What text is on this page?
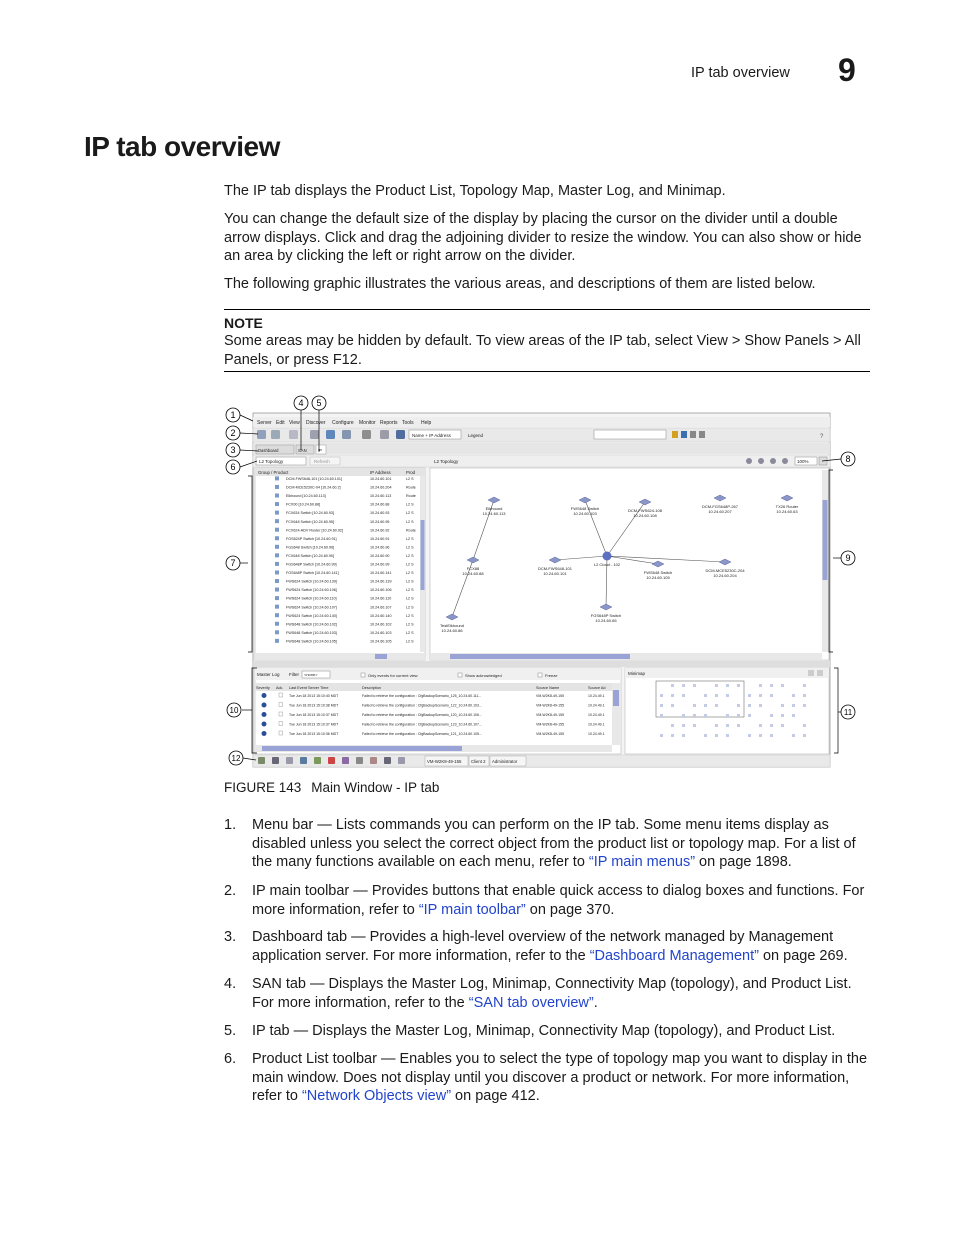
IP tab overview 9
IP tab overview

The IP tab displays the Product List, Topology Map, Master Log, and Minimap.

You can change the default size of the display by placing the cursor on the divider until a double arrow displays. Click and drag the adjoining divider to resize the window. You can also show or hide an area by clicking the left or right arrow on the divider.

The following graphic illustrates the various areas, and descriptions of them are listed below.

NOTE
Some areas may be hidden by default. To view areas of the IP tab, select View > Show Panels > All Panels, or press F12.
Server Edit View Discover Configure Monitor Reports Tools Help
?
Name + IP Address	Legend
Dashboard	SAN	IP
L2 Topology	Refresh	L2 Topology	100%
Group / Product	IP Address	Prod
DCM-FWS648-101 [10.24.60.101]	10.24.60.101	L2 S
DCM-MCE5230C-04 [10.24.60.2]	10.24.60.204	Route
Elkhound [10.24.60.113]	10.24.60.113	Route
FCX00 [10.24.60.88]	10.24.60.88	L2 S
FCX634 Switch [10.24.60.93]	10.24.60.93	L2 S
FCX648 Switch [10.24.60.95]	10.24.60.95	L2 S
FCX624-ADV Router [10.24.60.92]	10.24.60.92	Route
FGS624P Switch [10.24.60.91]	10.24.60.91	L2 S
FGS648 Switch [10.24.60.96]	10.24.60.96	L2 S
FCX648 Switch [10.24.60.90]	10.24.60.90	L2 S
FGS648P Switch [10.24.60.99]	10.24.60.99	L2 S
FGS648P Switch [10.24.60.141]	10.24.60.141	L2 S
FWS624 Switch [10.24.60.139]	10.24.60.139	L2 S
FWS624 Switch [10.24.60.106]	10.24.60.106	L2 S
FWS624 Switch [10.24.60.110]	10.24.60.110	L2 S
FWS624 Switch [10.24.60.107]	10.24.60.107	L2 S
FWS624 Switch [10.24.60.140]	10.24.60.140	L2 S
FWS648 Switch [10.24.60.102]	10.24.60.102	L2 S
FWS648 Switch [10.24.60.103]	10.24.60.103	L2 S
FWS648 Switch [10.24.60.105]	10.24.60.105	L2 S
Elkhound
10.24.60.113
FWS648 Switch
10.24.60.103
DCM-FWS624-108
10.24.60.108
DCM-FGS648P-267
10.24.60.207
TX26 Router
10.24.60.63
FCX88
10.24.60.88
DCM-FWS648-101
10.24.60.101
L2 Cloud - 102
FWS648 Switch
10.24.60.105
DCM-MCE5230C-204
10.24.60.204
FGS648P Switch
10.24.60.65
TestElkhound
10.24.60.86
Master Log Filter <none>	Only events for current view	Show acknowledged	Freeze
Severity Ack. Last Event Server Time	Description	Source Name	Source Ad
Tue Jun 18 2013 15:10:40 MDT	Failed to retrieve the configuration : CfgBackupScenario_125_10.24.60.111...	VM-W2K8-49-155	10.24.49.1
Tue Jun 18 2013 15:10:38 MDT	Failed to retrieve the configuration : CfgBackupScenario_122_10.24.60.103...	VM-W2K8-49-155	10.24.49.1
Tue Jun 18 2013 15:10:37 MDT	Failed to retrieve the configuration : CfgBackupScenario_120_10.24.60.106...	VM-W2K8-49-155	10.24.49.1
Tue Jun 18 2013 15:10:37 MDT	Failed to retrieve the configuration : CfgBackupScenario_123_10.24.60.107...	VM-W2K8-49-155	10.24.49.1
Tue Jun 18 2013 15:10:36 MDT	Failed to retrieve the configuration : CfgBackupScenario_121_10.24.60.105...	VM-W2K8-49-155	10.24.49.1
Minimap
VM-W2K8-49-155 Client 2 Administrator
1
2
3
4 5
6
7
8
9
10	11
12
FIGURE 143 Main Window - IP tab
1. Menu bar — Lists commands you can perform on the IP tab. Some menu items display as disabled unless you select the correct object from the product list or topology map. For a list of the many functions available on each menu, refer to “IP main menus” on page 1898.
2. IP main toolbar — Provides buttons that enable quick access to dialog boxes and functions. For more information, refer to “IP main toolbar” on page 370.
3. Dashboard tab — Provides a high-level overview of the network managed by Management application server. For more information, refer to the “Dashboard Management” on page 269.
4. SAN tab — Displays the Master Log, Minimap, Connectivity Map (topology), and Product List. For more information, refer to the “SAN tab overview”.
5. IP tab — Displays the Master Log, Minimap, Connectivity Map (topology), and Product List.
6. Product List toolbar — Enables you to select the type of topology map you want to display in the main window. Does not display until you discover a product or network. For more information, refer to “Network Objects view” on page 412.
